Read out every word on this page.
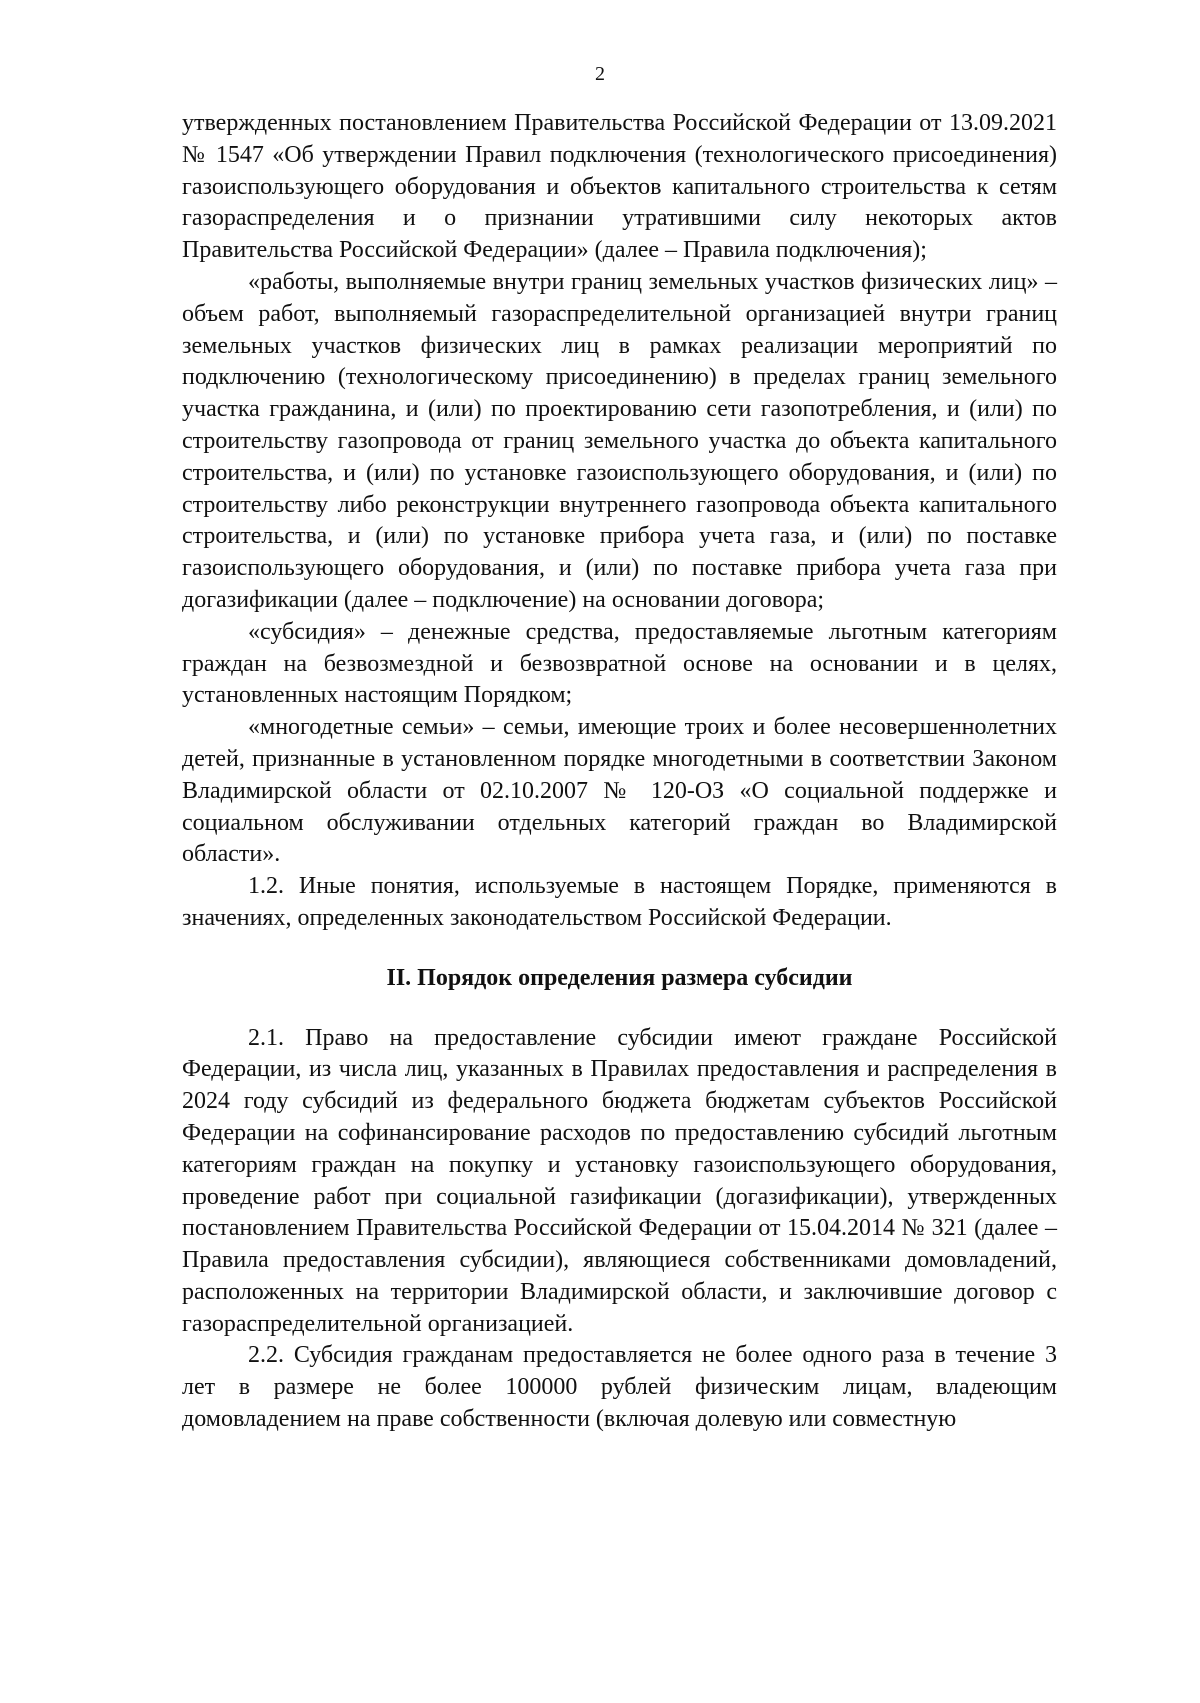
2

утвержденных постановлением Правительства Российской Федерации от 13.09.2021 № 1547 «Об утверждении Правил подключения (технологического присоединения) газоиспользующего оборудования и объектов капитального строительства к сетям газораспределения и о признании утратившими силу некоторых актов Правительства Российской Федерации» (далее – Правила подключения);

«работы, выполняемые внутри границ земельных участков физических лиц» – объем работ, выполняемый газораспределительной организацией внутри границ земельных участков физических лиц в рамках реализации мероприятий по подключению (технологическому присоединению) в пределах границ земельного участка гражданина, и (или) по проектированию сети газопотребления, и (или) по строительству газопровода от границ земельного участка до объекта капитального строительства, и (или) по установке газоиспользующего оборудования, и (или) по строительству либо реконструкции внутреннего газопровода объекта капитального строительства, и (или) по установке прибора учета газа, и (или) по поставке газоиспользующего оборудования, и (или) по поставке прибора учета газа при догазификации (далее – подключение) на основании договора;

«субсидия» – денежные средства, предоставляемые льготным категориям граждан на безвозмездной и безвозвратной основе на основании и в целях, установленных настоящим Порядком;

«многодетные семьи» – семьи, имеющие троих и более несовершеннолетних детей, признанные в установленном порядке многодетными в соответствии Законом Владимирской области от 02.10.2007 № 120-ОЗ «О социальной поддержке и социальном обслуживании отдельных категорий граждан во Владимирской области».

1.2. Иные понятия, используемые в настоящем Порядке, применяются в значениях, определенных законодательством Российской Федерации.

II. Порядок определения размера субсидии

2.1. Право на предоставление субсидии имеют граждане Российской Федерации, из числа лиц, указанных в Правилах предоставления и распределения в 2024 году субсидий из федерального бюджета бюджетам субъектов Российской Федерации на софинансирование расходов по предоставлению субсидий льготным категориям граждан на покупку и установку газоиспользующего оборудования, проведение работ при социальной газификации (догазификации), утвержденных постановлением Правительства Российской Федерации от 15.04.2014 № 321 (далее – Правила предоставления субсидии), являющиеся собственниками домовладений, расположенных на территории Владимирской области, и заключившие договор с газораспределительной организацией.

2.2. Субсидия гражданам предоставляется не более одного раза в течение 3 лет в размере не более 100000 рублей физическим лицам, владеющим домовладением на праве собственности (включая долевую или совместную
